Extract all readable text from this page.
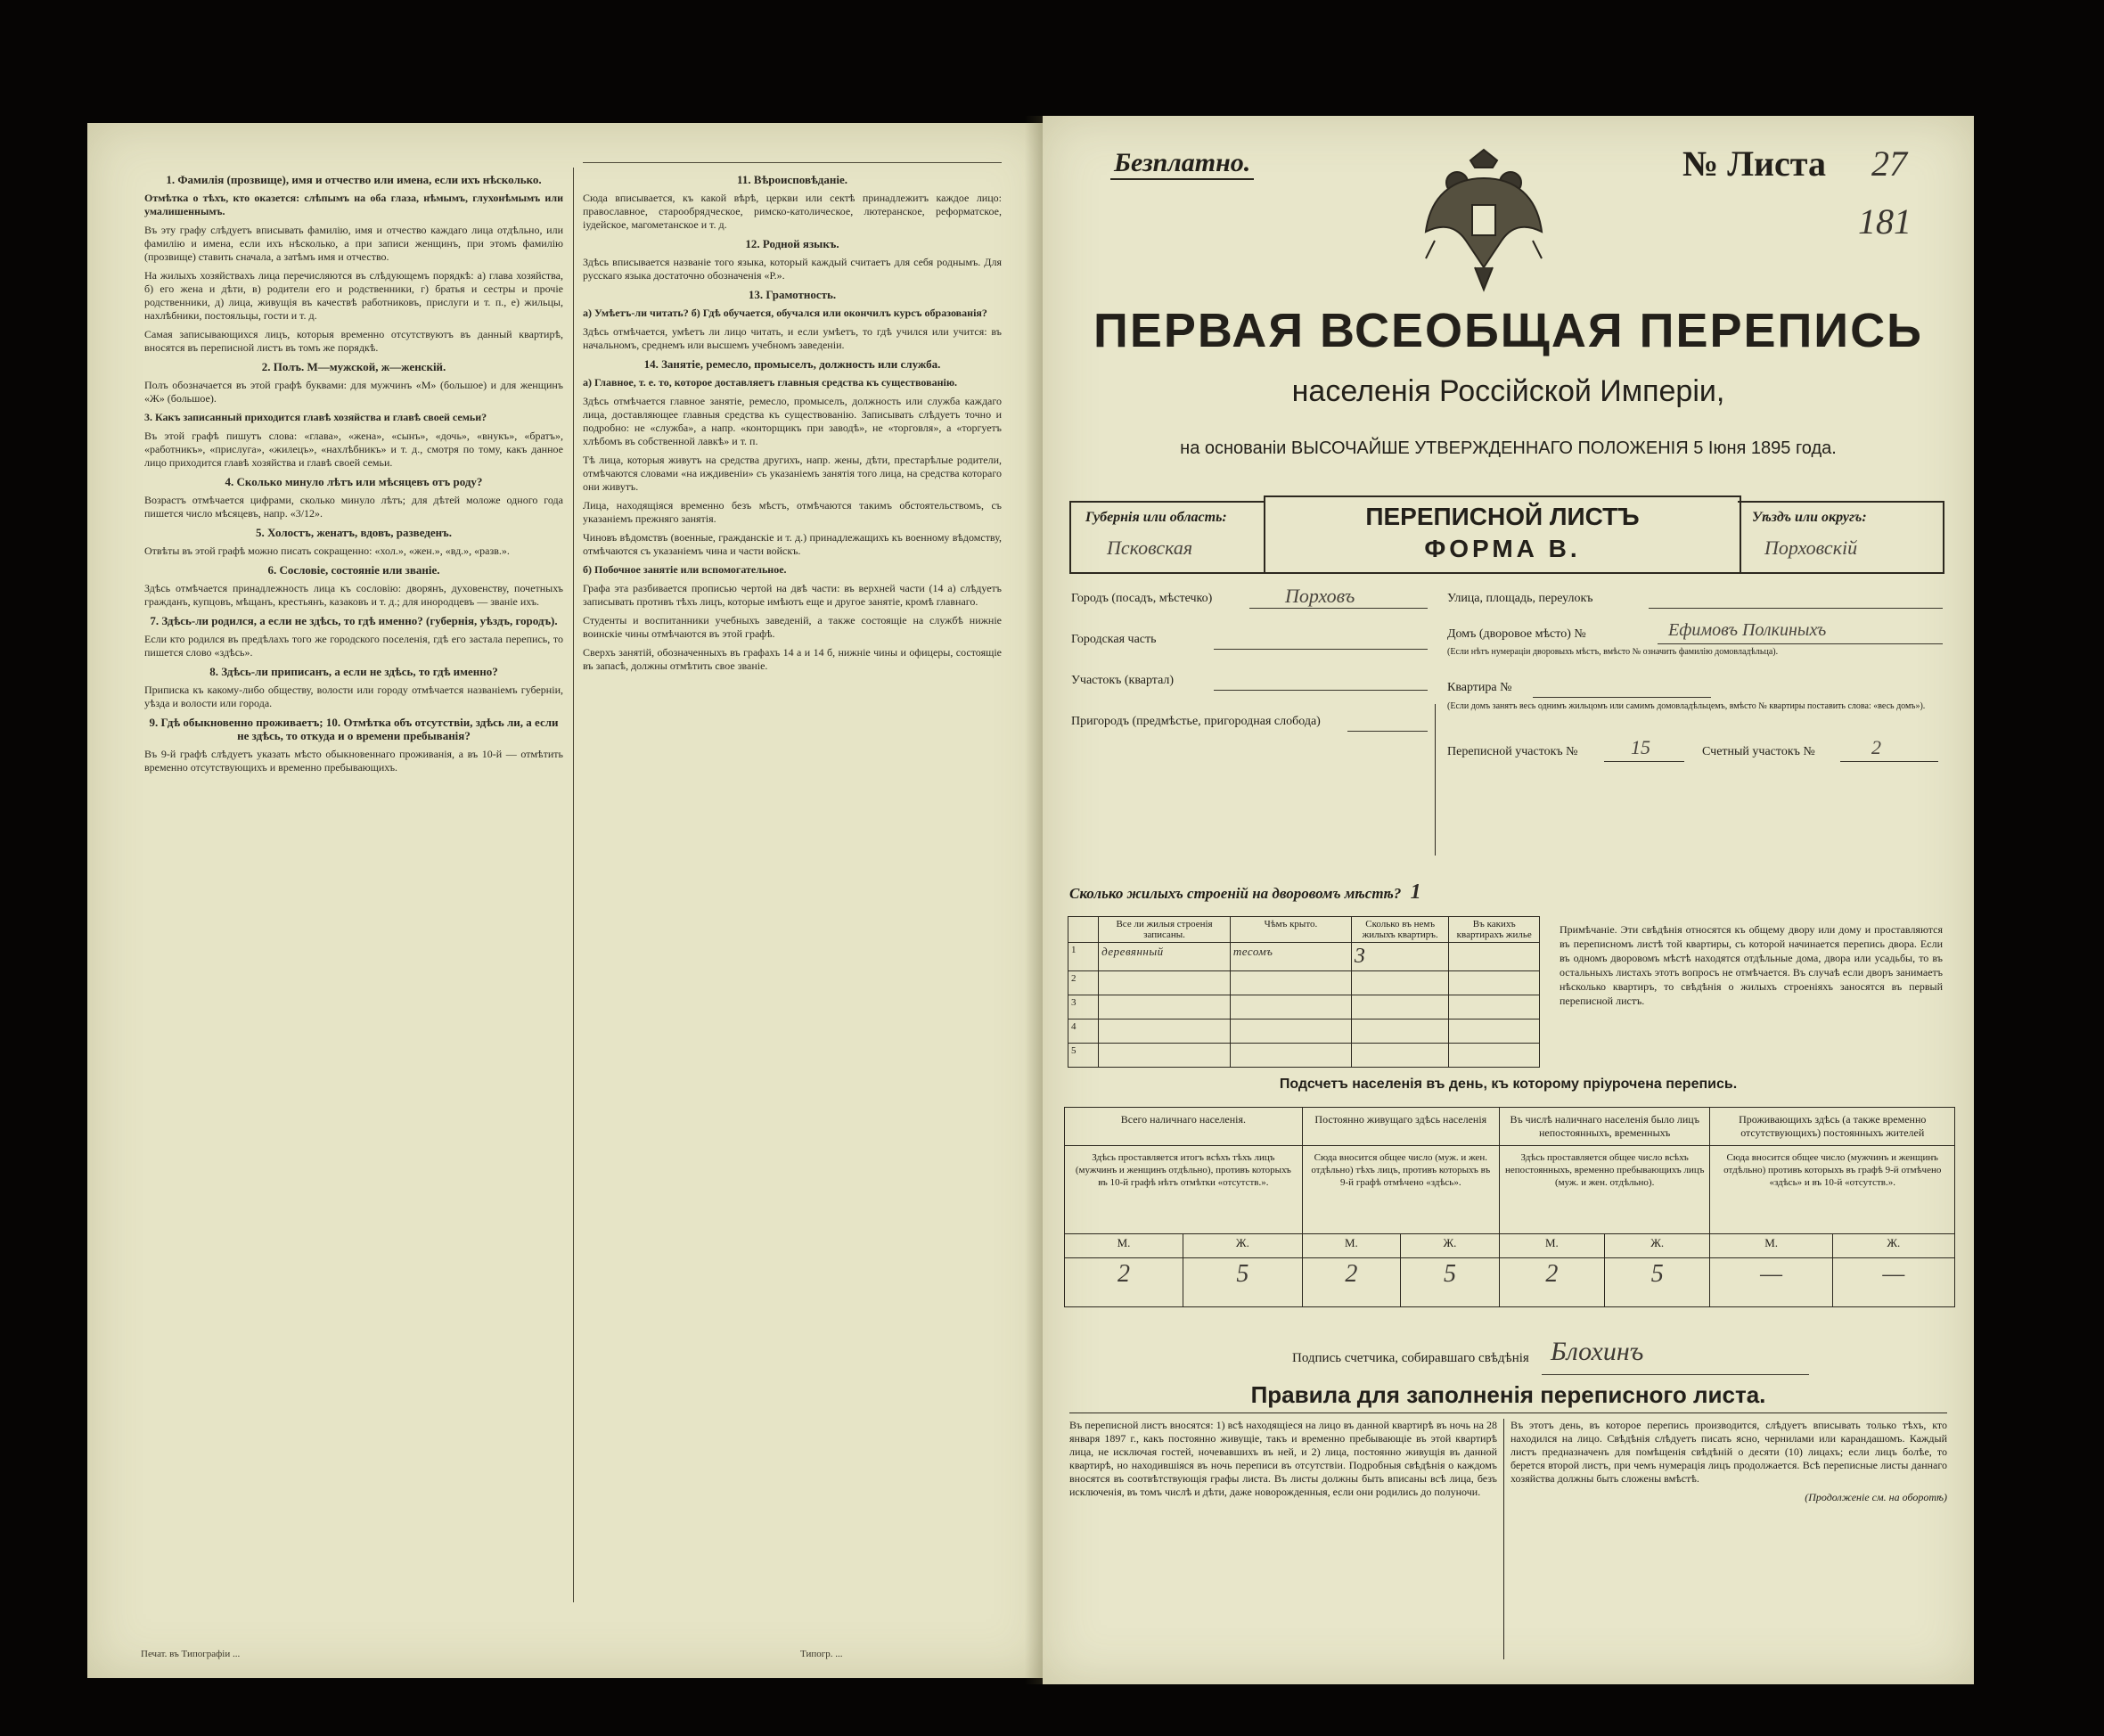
1. Фамилія (прозвище), имя и отчество или имена, если ихъ нѣсколько.

Отмѣтка о тѣхъ, кто оказется: слѣпымъ на оба глаза, нѣмымъ, глухонѣмымъ или умалишеннымъ.

Въ эту графу слѣдуетъ вписывать фамилію, имя и отчество каждаго лица отдѣльно, или фамилію и имена, если ихъ нѣсколько, а при записи женщинъ, при этомъ фамилію (прозвище) ставить сначала, а затѣмъ имя и отчество.

На жилыхъ хозяйствахъ лица перечисляются въ слѣдующемъ порядкѣ: а) глава хозяйства, б) его жена и дѣти, в) родители его и родственники, г) братья и сестры и прочіе родственники, д) лица, живущія въ качествѣ работниковъ, прислуги и т. п., е) жильцы, нахлѣбники, постояльцы, гости и т. д.

Самая записывающихся лицъ, которыя временно отсутствуютъ въ данный квартирѣ, вносятся въ переписной листъ въ томъ же порядкѣ.

2. Полъ. М—мужской, ж—женскій.

Полъ обозначается въ этой графѣ буквами: для мужчинъ «М» (большое) и для женщинъ «Ж» (большое).

3. Какъ записанный приходится главѣ хозяйства и главѣ своей семьи?

Въ этой графѣ пишутъ слова: «глава», «жена», «сынъ», «дочь», «внукъ», «братъ», «работникъ», «прислуга», «жилецъ», «нахлѣбникъ» и т. д., смотря по тому, какъ данное лицо приходится главѣ хозяйства и главѣ своей семьи.

4. Сколько минуло лѣтъ или мѣсяцевъ отъ роду?

Возрастъ отмѣчается цифрами, сколько минуло лѣтъ; для дѣтей моложе одного года пишется число мѣсяцевъ, напр. «3/12».

5. Холостъ, женатъ, вдовъ, разведенъ.

Отвѣты въ этой графѣ можно писать сокращенно: «хол.», «жен.», «вд.», «разв.».

6. Сословіе, состояніе или званіе.

Здѣсь отмѣчается принадлежность лица къ сословію: дворянъ, духовенству, почетныхъ гражданъ, купцовъ, мѣщанъ, крестьянъ, казаковъ и т. д.; для инородцевъ — званіе ихъ.

7. Здѣсь-ли родился, а если не здѣсь, то гдѣ именно? (губернія, уѣздъ, городъ).

Если кто родился въ предѣлахъ того же городского поселенія, гдѣ его застала перепись, то пишется слово «здѣсь».

8. Здѣсь-ли приписанъ, а если не здѣсь, то гдѣ именно?

Приписка къ какому-либо обществу, волости или городу отмѣчается названіемъ губерніи, уѣзда и волости или города.

9. Гдѣ обыкновенно проживаетъ; 10. Отмѣтка объ отсутствіи, здѣсь ли, а если не здѣсь, то откуда и о времени пребыванія?

Въ 9-й графѣ слѣдуетъ указать мѣсто обыкновеннаго проживанія, а въ 10-й — отмѣтить временно отсутствующихъ и временно пребывающихъ.

11. Вѣроисповѣданіе.

Сюда вписывается, къ какой вѣрѣ, церкви или сектѣ принадлежитъ каждое лицо: православное, старообрядческое, римско-католическое, лютеранское, реформатское, іудейское, магометанское и т. д.

12. Родной языкъ.

Здѣсь вписывается названіе того языка, который каждый считаетъ для себя роднымъ. Для русскаго языка достаточно обозначенія «Р.».

13. Грамотность.

а) Умѣетъ-ли читать? б) Гдѣ обучается, обучался или окончилъ курсъ образованія?

Здѣсь отмѣчается, умѣетъ ли лицо читать, и если умѣетъ, то гдѣ учился или учится: въ начальномъ, среднемъ или высшемъ учебномъ заведеніи.

14. Занятіе, ремесло, промыселъ, должность или служба.

а) Главное, т. е. то, которое доставляетъ главныя средства къ существованію.

Здѣсь отмѣчается главное занятіе, ремесло, промыселъ, должность или служба каждаго лица, доставляющее главныя средства къ существованію. Записывать слѣдуетъ точно и подробно: не «служба», а напр. «конторщикъ при заводѣ», не «торговля», а «торгуетъ хлѣбомъ въ собственной лавкѣ» и т. п.

Тѣ лица, которыя живутъ на средства другихъ, напр. жены, дѣти, престарѣлые родители, отмѣчаются словами «на иждивеніи» съ указаніемъ занятія того лица, на средства котораго они живутъ.

Лица, находящіяся временно безъ мѣстъ, отмѣчаются такимъ обстоятельствомъ, съ указаніемъ прежняго занятія.

Чиновъ вѣдомствъ (военные, гражданскіе и т. д.) принадлежащихъ къ военному вѣдомству, отмѣчаются съ указаніемъ чина и части войскъ.

б) Побочное занятіе или вспомогательное.

Графа эта разбивается прописью чертой на двѣ части: въ верхней части (14 а) слѣдуетъ записывать противъ тѣхъ лицъ, которые имѣютъ еще и другое занятіе, кромѣ главнаго.

Студенты и воспитанники учебныхъ заведеній, а также состоящіе на службѣ нижніе воинскіе чины отмѣчаются въ этой графѣ.

Сверхъ занятій, обозначенныхъ въ графахъ 14 а и 14 б, нижніе чины и офицеры, состоящіе въ запасѣ, должны отмѣтить свое званіе.

Печат. въ Типографіи ...	Типогр. ...
Безплатно.	№ Листа 27
181
ПЕРВАЯ ВСЕОБЩАЯ ПЕРЕПИСЬ
населенія Россійской Имперіи,
на основаніи ВЫСОЧАЙШЕ УТВЕРЖДЕННАГО ПОЛОЖЕНІЯ 5 Іюня 1895 года.
Губернія или область:
Псковская
ПЕРЕПИСНОЙ ЛИСТЪ
ФОРМА В.
Уѣздъ или округъ:
Порховскій
Городъ (посадъ, мѣстечко)	Порховъ
Городская часть
Участокъ (квартал)
Пригородъ (предмѣстье, пригородная слобода)
Улица, площадь, переулокъ
Домъ (дворовое мѣсто) №	Ефимовъ Полкиныхъ
(Если нѣтъ нумераціи дворовыхъ мѣстъ, вмѣсто № означить фамилію домовладѣльца).
Квартира №
(Если домъ занятъ весь однимъ жильцомъ или самимъ домовладѣльцемъ, вмѣсто № квартиры поставить слова: «весь домъ»).
Переписной участокъ №	15	Счетный участокъ №	2
Сколько жилыхъ строеній на дворовомъ мѣстѣ? 1
	Все ли жилыя строенія записаны.	Чѣмъ крыто.	Сколько въ немъ жилыхъ квартиръ.	Въ какихъ квартирахъ жилье
1	деревянный	тесомъ	3	
2				
3				
4				
5				
Примѣчаніе. Эти свѣдѣнія относятся къ общему двору или дому и проставляются въ переписномъ листѣ той квартиры, съ которой начинается перепись двора. Если въ одномъ дворовомъ мѣстѣ находятся отдѣльные дома, двора или усадьбы, то въ остальныхъ листахъ этотъ вопросъ не отмѣчается. Въ случаѣ если дворъ занимаетъ нѣсколько квартиръ, то свѣдѣнія о жилыхъ строеніяхъ заносятся въ первый переписной листъ.
Подсчетъ населенія въ день, къ которому пріурочена перепись.
Всего наличнаго населенія.		Постоянно живущаго здѣсь населенія		Въ числѣ наличнаго населенія было лицъ непостоянныхъ, временныхъ		Проживающихъ здѣсь (а также временно отсутствующихъ) постоянныхъ жителей	
Здѣсь проставляется итогъ всѣхъ тѣхъ лицъ (мужчинъ и женщинъ отдѣльно), противъ которыхъ въ 10-й графѣ нѣтъ отмѣтки «отсутств.».		Сюда вносится общее число (муж. и жен. отдѣльно) тѣхъ лицъ, противъ которыхъ въ 9-й графѣ отмѣчено «здѣсь».		Здѣсь проставляется общее число всѣхъ непостоянныхъ, временно пребывающихъ лицъ (муж. и жен. отдѣльно).		Сюда вносится общее число (мужчинъ и женщинъ отдѣльно) противъ которыхъ въ графѣ 9-й отмѣчено «здѣсь» и въ 10-й «отсутств.».	
М.	Ж.	М.	Ж.	М.	Ж.	М.	Ж.
2	5	2	5	2	5	—	—
Подпись счетчика, собиравшаго свѣдѣнія Блохинъ
Правила для заполненія переписного листа.
Въ переписной листъ вносятся: 1) всѣ находящіеся на лицо въ данной квартирѣ въ ночь на 28 января 1897 г., какъ постоянно живущіе, такъ и временно пребывающіе въ этой квартирѣ лица, не исключая гостей, ночевавшихъ въ ней, и 2) лица, постоянно живущія въ данной квартирѣ, но находившіяся въ ночь переписи въ отсутствіи. Подробныя свѣдѣнія о каждомъ вносятся въ соотвѣтствующія графы листа. Въ листы должны быть вписаны всѣ лица, безъ исключенія, въ томъ числѣ и дѣти, даже новорожденныя, если они родились до полуночи.
Въ этотъ день, въ которое перепись производится, слѣдуетъ вписывать только тѣхъ, кто находился на лицо. Свѣдѣнія слѣдуетъ писать ясно, чернилами или карандашомъ. Каждый листъ предназначенъ для помѣщенія свѣдѣній о десяти (10) лицахъ; если лицъ болѣе, то берется второй листъ, при чемъ нумерація лицъ продолжается. Всѣ переписные листы даннаго хозяйства должны быть сложены вмѣстѣ.
(Продолженіе см. на оборотѣ)
